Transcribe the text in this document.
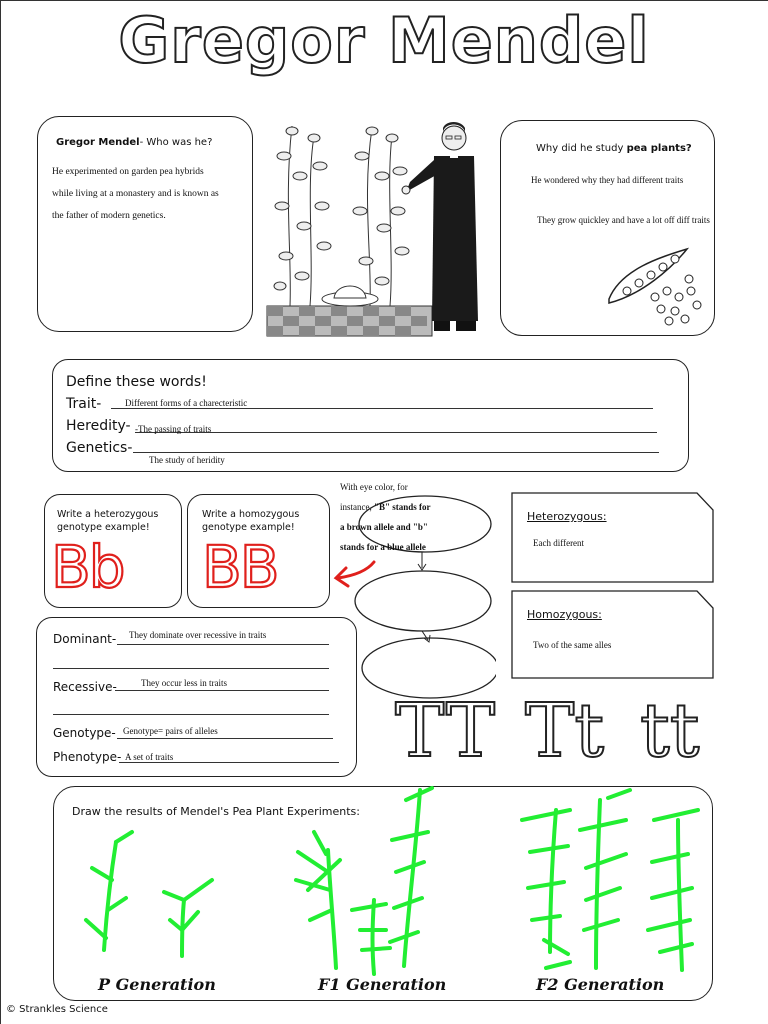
Gregor Mendel
Gregor Mendel- Who was he?
He experimented on garden pea hybrids
while living at a monastery and is known as
the father of modern genetics.
Why did he study pea plants?
He wondered why they had different traits
They grow quickley and have a lot off diff traits
Define these words!
Trait-	Different forms of a charecteristic
Heredity- -The passing of traits
Genetics-
The study of heridity
Write a heterozygous
genotype example!
Bb
Write a homozygous
genotype example!
BB
With eye color, for
instance, "B" stands for
a brown allele and "b"
stands for a blue allele
Heterozygous:
Each different
Homozygous:
Two of the same alles
Dominant- They dominate over recessive in traits
Recessive-	They occur less in traits
Genotype- Genotype= pairs of alleles
Phenotype- A set of traits	TT Tt tt
Draw the results of Mendel's Pea Plant Experiments:
P Generation	F1 Generation	F2 Generation
© Strankles Science
